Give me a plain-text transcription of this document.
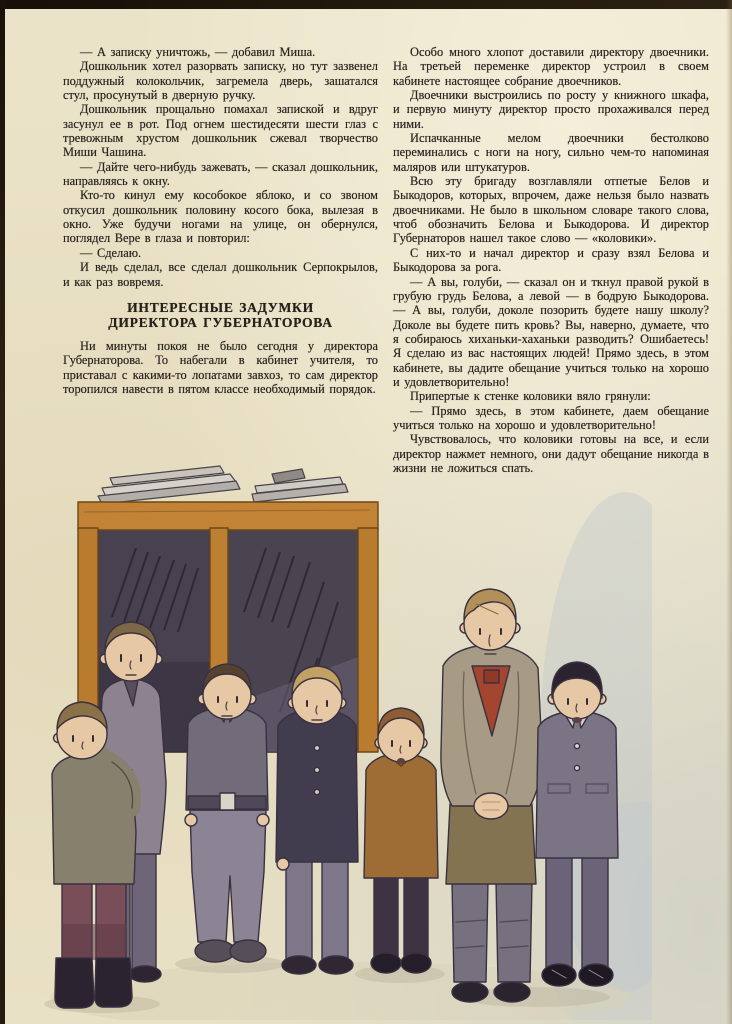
— А записку уничтожь, — добавил Миша.

Дошкольник хотел разорвать записку, но тут зазвенел поддужный колокольчик, загремела дверь, зашатался стул, просунутый в дверную ручку.

Дошкольник прощально помахал запиской и вдруг засунул ее в рот. Под огнем шестидесяти шести глаз с тревожным хрустом дошкольник сжевал творчество Миши Чашина.

— Дайте чего-нибудь зажевать, — сказал дошкольник, направляясь к окну.

Кто-то кинул ему кособокое яблоко, и со звоном откусил дошкольник половину косого бока, вылезая в окно. Уже будучи ногами на улице, он обернулся, поглядел Вере в глаза и повторил:

— Сделаю.

И ведь сделал, все сделал дошкольник Серпокрылов, и как раз вовремя.

ИНТЕРЕСНЫЕ ЗАДУМКИ
ДИРЕКТОРА ГУБЕРНАТОРОВА

Ни минуты покоя не было сегодня у директора Губернаторова. То набегали в кабинет учителя, то приставал с какими-то лопатами завхоз, то сам директор торопился навести в пятом классе необходимый порядок.

Особо много хлопот доставили директору двоечники. На третьей переменке директор устроил в своем кабинете настоящее собрание двоечников.

Двоечники выстроились по росту у книжного шкафа, и первую минуту директор просто прохаживался перед ними.

Испачканные мелом двоечники бестолково переминались с ноги на ногу, сильно чем-то напоминая маляров или штукатуров.

Всю эту бригаду возглавляли отпетые Белов и Быкодоров, которых, впрочем, даже нельзя было назвать двоечниками. Не было в школьном словаре такого слова, чтоб обозначить Белова и Быкодорова. И директор Губернаторов нашел такое слово — «коловики».

С них-то и начал директор и сразу взял Белова и Быкодорова за рога.

— А вы, голуби, — сказал он и ткнул правой рукой в грубую грудь Белова, а левой — в бодрую Быкодорова. — А вы, голуби, доколе позорить будете нашу школу? Доколе вы будете пить кровь? Вы, наверно, думаете, что я собираюсь хиханьки-хаханьки разводить? Ошибаетесь! Я сделаю из вас настоящих людей! Прямо здесь, в этом кабинете, вы дадите обещание учиться только на хорошо и удовлетворительно!

Припертые к стенке коловики вяло грянули:

— Прямо здесь, в этом кабинете, даем обещание учиться только на хорошо и удовлетворительно!

Чувствовалось, что коловики готовы на все, и если директор нажмет немного, они дадут обещание никогда в жизни не ложиться спать.
